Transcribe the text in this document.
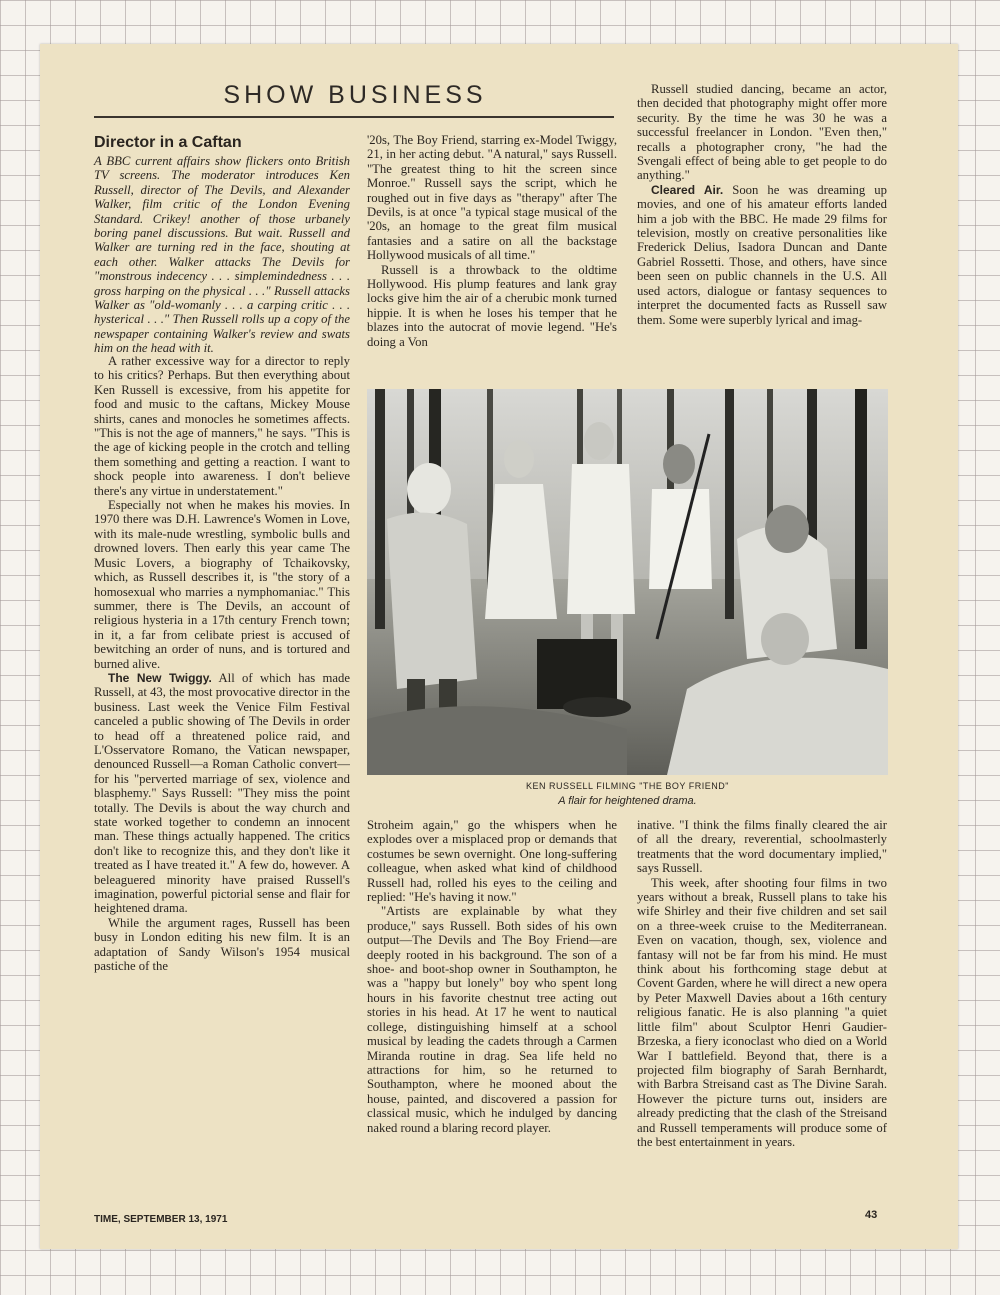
SHOW BUSINESS
Director in a Caftan
A BBC current affairs show flickers onto British TV screens. The moderator introduces Ken Russell, director of The Devils, and Alexander Walker, film critic of the London Evening Standard. Crikey! another of those urbanely boring panel discussions. But wait. Russell and Walker are turning red in the face, shouting at each other. Walker attacks The Devils for "monstrous indecency . . . simplemindedness . . . gross harping on the physical . . ." Russell attacks Walker as "old-womanly . . . a carping critic . . . hysterical . . ." Then Russell rolls up a copy of the newspaper containing Walker's review and swats him on the head with it.

A rather excessive way for a director to reply to his critics? Perhaps. But then everything about Ken Russell is excessive, from his appetite for food and music to the caftans, Mickey Mouse shirts, canes and monocles he sometimes affects. "This is not the age of manners," he says. "This is the age of kicking people in the crotch and telling them something and getting a reaction. I want to shock people into awareness. I don't believe there's any virtue in understatement."

Especially not when he makes his movies. In 1970 there was D.H. Lawrence's Women in Love, with its male-nude wrestling, symbolic bulls and drowned lovers. Then early this year came The Music Lovers, a biography of Tchaikovsky, which, as Russell describes it, is "the story of a homosexual who marries a nymphomaniac." This summer, there is The Devils, an account of religious hysteria in a 17th century French town; in it, a far from celibate priest is accused of bewitching an order of nuns, and is tortured and burned alive.

The New Twiggy. All of which has made Russell, at 43, the most provocative director in the business. Last week the Venice Film Festival canceled a public showing of The Devils in order to head off a threatened police raid, and L'Osservatore Romano, the Vatican newspaper, denounced Russell—a Roman Catholic convert—for his "perverted marriage of sex, violence and blasphemy." Says Russell: "They miss the point totally. The Devils is about the way church and state worked together to condemn an innocent man. These things actually happened. The critics don't like to recognize this, and they don't like it treated as I have treated it." A few do, however. A beleaguered minority have praised Russell's imagination, powerful pictorial sense and flair for heightened drama.

While the argument rages, Russell has been busy in London editing his new film. It is an adaptation of Sandy Wilson's 1954 musical pastiche of the

'20s, The Boy Friend, starring ex-Model Twiggy, 21, in her acting debut. "A natural," says Russell. "The greatest thing to hit the screen since Monroe." Russell says the script, which he roughed out in five days as "therapy" after The Devils, is at once "a typical stage musical of the '20s, an homage to the great film musical fantasies and a satire on all the backstage Hollywood musicals of all time."

Russell is a throwback to the oldtime Hollywood. His plump features and lank gray locks give him the air of a cherubic monk turned hippie. It is when he loses his temper that he blazes into the autocrat of movie legend. "He's doing a Von

Russell studied dancing, became an actor, then decided that photography might offer more security. By the time he was 30 he was a successful freelancer in London. "Even then," recalls a photographer crony, "he had the Svengali effect of being able to get people to do anything."

Cleared Air. Soon he was dreaming up movies, and one of his amateur efforts landed him a job with the BBC. He made 29 films for television, mostly on creative personalities like Frederick Delius, Isadora Duncan and Dante Gabriel Rossetti. Those, and others, have since been seen on public channels in the U.S. All used actors, dialogue or fantasy sequences to interpret the documented facts as Russell saw them. Some were superbly lyrical and imag-

KEN RUSSELL FILMING "THE BOY FRIEND"
A flair for heightened drama.

Stroheim again," go the whispers when he explodes over a misplaced prop or demands that costumes be sewn overnight. One long-suffering colleague, when asked what kind of childhood Russell had, rolled his eyes to the ceiling and replied: "He's having it now."

"Artists are explainable by what they produce," says Russell. Both sides of his own output—The Devils and The Boy Friend—are deeply rooted in his background. The son of a shoe- and boot-shop owner in Southampton, he was a "happy but lonely" boy who spent long hours in his favorite chestnut tree acting out stories in his head. At 17 he went to nautical college, distinguishing himself at a school musical by leading the cadets through a Carmen Miranda routine in drag. Sea life held no attractions for him, so he returned to Southampton, where he mooned about the house, painted, and discovered a passion for classical music, which he indulged by dancing naked round a blaring record player.

inative. "I think the films finally cleared the air of all the dreary, reverential, schoolmasterly treatments that the word documentary implied," says Russell.

This week, after shooting four films in two years without a break, Russell plans to take his wife Shirley and their five children and set sail on a three-week cruise to the Mediterranean. Even on vacation, though, sex, violence and fantasy will not be far from his mind. He must think about his forthcoming stage debut at Covent Garden, where he will direct a new opera by Peter Maxwell Davies about a 16th century religious fanatic. He is also planning "a quiet little film" about Sculptor Henri Gaudier-Brzeska, a fiery iconoclast who died on a World War I battlefield. Beyond that, there is a projected film biography of Sarah Bernhardt, with Barbra Streisand cast as The Divine Sarah. However the picture turns out, insiders are already predicting that the clash of the Streisand and Russell temperaments will produce some of the best entertainment in years.

TIME, SEPTEMBER 13, 1971	43
